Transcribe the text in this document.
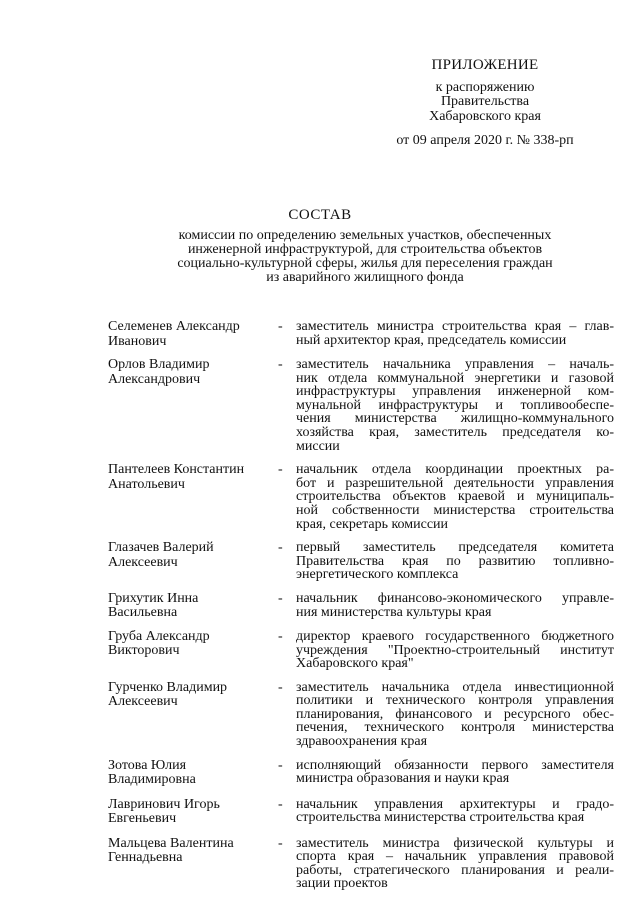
ПРИЛОЖЕНИЕ
к распоряжению
Правительства
Хабаровского края
от 09 апреля 2020 г. № 338-рп
СОСТАВ
комиссии по определению земельных участков, обеспеченных
инженерной инфраструктурой, для строительства объектов
социально-культурной сферы, жилья для переселения граждан
из аварийного жилищного фонда
Селеменев Александр
Иванович
- заместитель министра строительства края – глав-
ный архитектор края, председатель комиссии
Орлов Владимир
Александрович
- заместитель начальника управления – началь-
ник отдела коммунальной энергетики и газовой
инфраструктуры управления инженерной ком-
мунальной инфраструктуры и топливообеспе-
чения министерства жилищно-коммунального
хозяйства края, заместитель председателя ко-
миссии
Пантелеев Константин
Анатольевич
- начальник отдела координации проектных ра-
бот и разрешительной деятельности управления
строительства объектов краевой и муниципаль-
ной собственности министерства строительства
края, секретарь комиссии
Глазачев Валерий
Алексеевич
- первый заместитель председателя комитета
Правительства края по развитию топливно-
энергетического комплекса
Грихутик Инна
Васильевна
- начальник финансово-экономического управле-
ния министерства культуры края
Груба Александр
Викторович
- директор краевого государственного бюджетного
учреждения "Проектно-строительный институт
Хабаровского края"
Гурченко Владимир
Алексеевич
- заместитель начальника отдела инвестиционной
политики и технического контроля управления
планирования, финансового и ресурсного обес-
печения, технического контроля министерства
здравоохранения края
Зотова Юлия
Владимировна
- исполняющий обязанности первого заместителя
министра образования и науки края
Лавринович Игорь
Евгеньевич
- начальник управления архитектуры и градо-
строительства министерства строительства края
Мальцева Валентина
Геннадьевна
- заместитель министра физической культуры и
спорта края – начальник управления правовой
работы, стратегического планирования и реали-
зации проектов
